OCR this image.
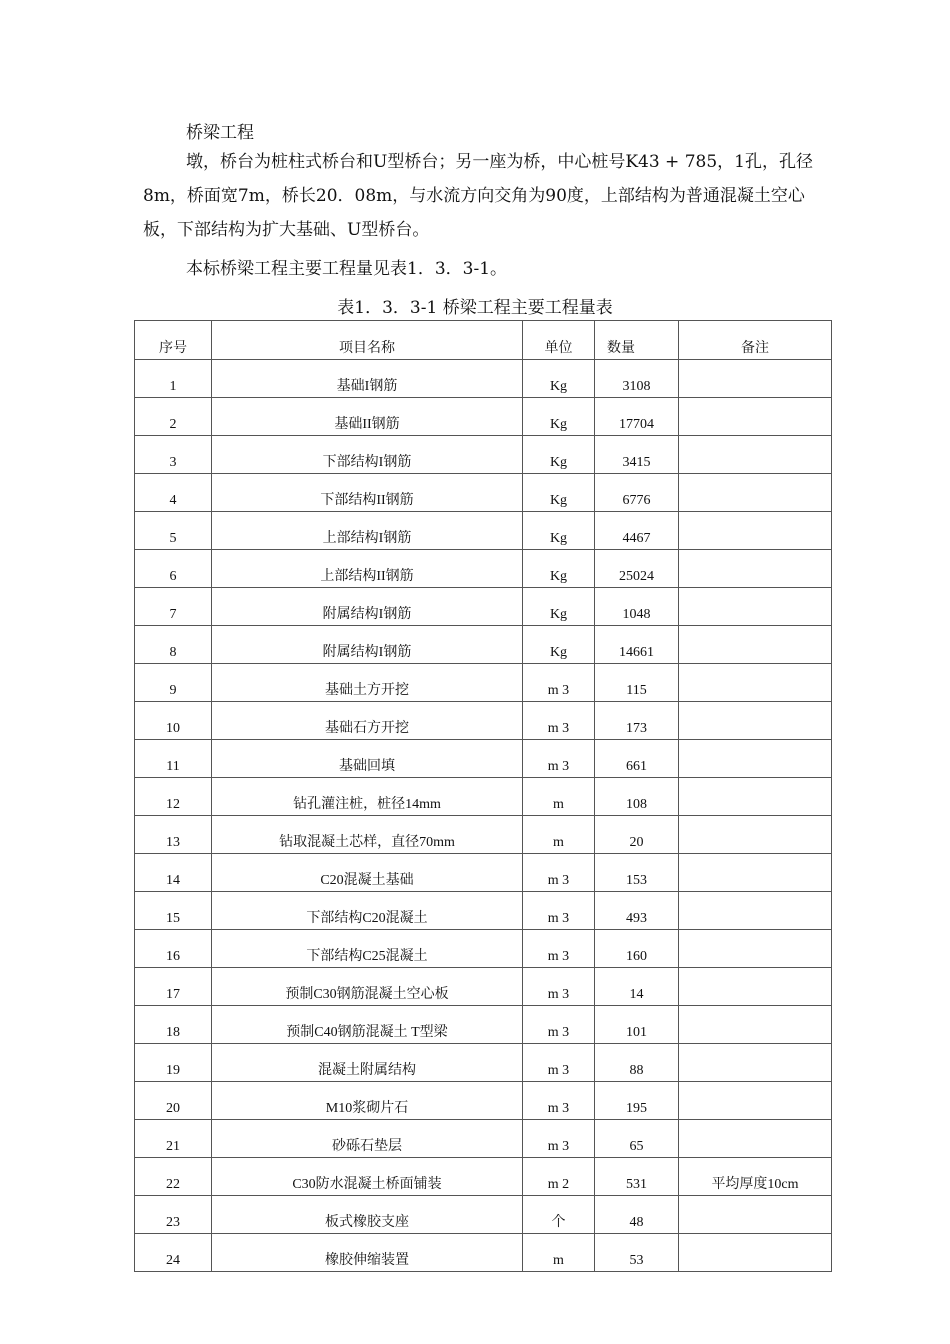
桥梁工程
墩，桥台为桩柱式桥台和U型桥台；另一座为桥，中心桩号K43 + 785，1孔，孔径8m，桥面宽7m，桥长20．08m，与水流方向交角为90度，上部结构为普通混凝土空心板，下部结构为扩大基础、U型桥台。
本标桥梁工程主要工程量见表1．3．3-1。
表1．3．3-1 桥梁工程主要工程量表
序号	项目名称	单位	数量	备注
1	基础I钢筋	Kg	3108	
2	基础II钢筋	Kg	17704	
3	下部结构I钢筋	Kg	3415	
4	下部结构II钢筋	Kg	6776	
5	上部结构I钢筋	Kg	4467	
6	上部结构II钢筋	Kg	25024	
7	附属结构I钢筋	Kg	1048	
8	附属结构I钢筋	Kg	14661	
9	基础土方开挖	m 3	115	
10	基础石方开挖	m 3	173	
11	基础回填	m 3	661	
12	钻孔灌注桩，桩径14mm	m	108	
13	钻取混凝土芯样，直径70mm	m	20	
14	C20混凝土基础	m 3	153	
15	下部结构C20混凝土	m 3	493	
16	下部结构C25混凝土	m 3	160	
17	预制C30钢筋混凝土空心板	m 3	14	
18	预制C40钢筋混凝土 T型梁	m 3	101	
19	混凝土附属结构	m 3	88	
20	M10浆砌片石	m 3	195	
21	砂砾石垫层	m 3	65	
22	C30防水混凝土桥面铺装	m 2	531	平均厚度10cm
23	板式橡胶支座	个	48	
24	橡胶伸缩装置	m	53	
